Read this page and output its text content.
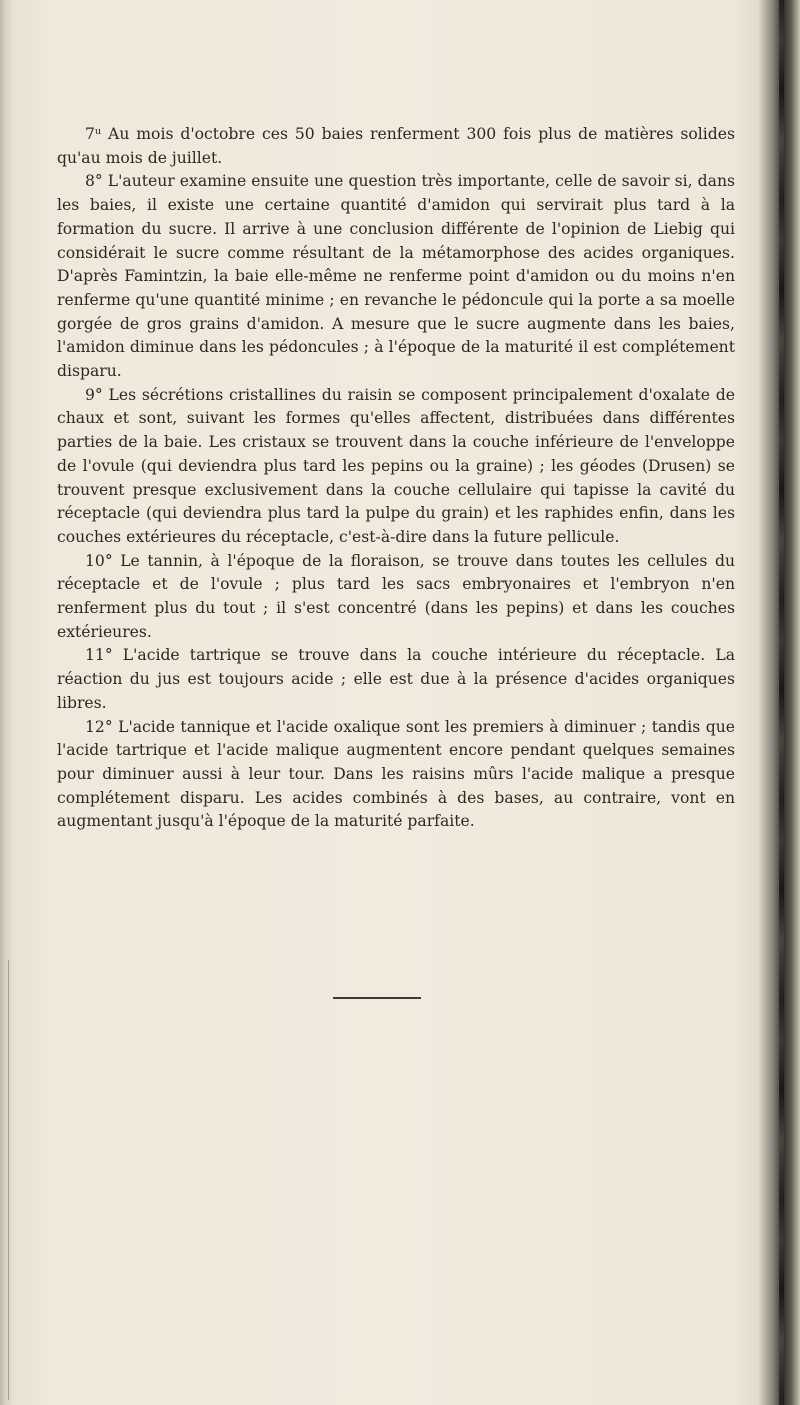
7ᵘ Au mois d'octobre ces 50 baies renferment 300 fois plus de matières solides qu'au mois de juillet.

8° L'auteur examine ensuite une question très importante, celle de savoir si, dans les baies, il existe une certaine quantité d'amidon qui servirait plus tard à la formation du sucre. Il arrive à une conclusion différente de l'opinion de Liebig qui considérait le sucre comme résultant de la métamorphose des acides organiques. D'après Famintzin, la baie elle-même ne renferme point d'amidon ou du moins n'en renferme qu'une quantité minime ; en revanche le pédoncule qui la porte a sa moelle gorgée de gros grains d'amidon. A mesure que le sucre augmente dans les baies, l'amidon diminue dans les pédoncules ; à l'époque de la maturité il est complétement disparu.

9° Les sécrétions cristallines du raisin se composent principalement d'oxalate de chaux et sont, suivant les formes qu'elles affectent, distribuées dans différentes parties de la baie. Les cristaux se trouvent dans la couche inférieure de l'enveloppe de l'ovule (qui deviendra plus tard les pepins ou la graine) ; les géodes (Drusen) se trouvent presque exclusivement dans la couche cellulaire qui tapisse la cavité du réceptacle (qui deviendra plus tard la pulpe du grain) et les raphides enfin, dans les couches extérieures du réceptacle, c'est-à-dire dans la future pellicule.

10° Le tannin, à l'époque de la floraison, se trouve dans toutes les cellules du réceptacle et de l'ovule ; plus tard les sacs embryonaires et l'embryon n'en renferment plus du tout ; il s'est concentré (dans les pepins) et dans les couches extérieures.

11° L'acide tartrique se trouve dans la couche intérieure du réceptacle. La réaction du jus est toujours acide ; elle est due à la présence d'acides organiques libres.

12° L'acide tannique et l'acide oxalique sont les premiers à diminuer ; tandis que l'acide tartrique et l'acide malique augmentent encore pendant quelques semaines pour diminuer aussi à leur tour. Dans les raisins mûrs l'acide malique a presque complétement disparu. Les acides combinés à des bases, au contraire, vont en augmentant jusqu'à l'époque de la maturité parfaite.
